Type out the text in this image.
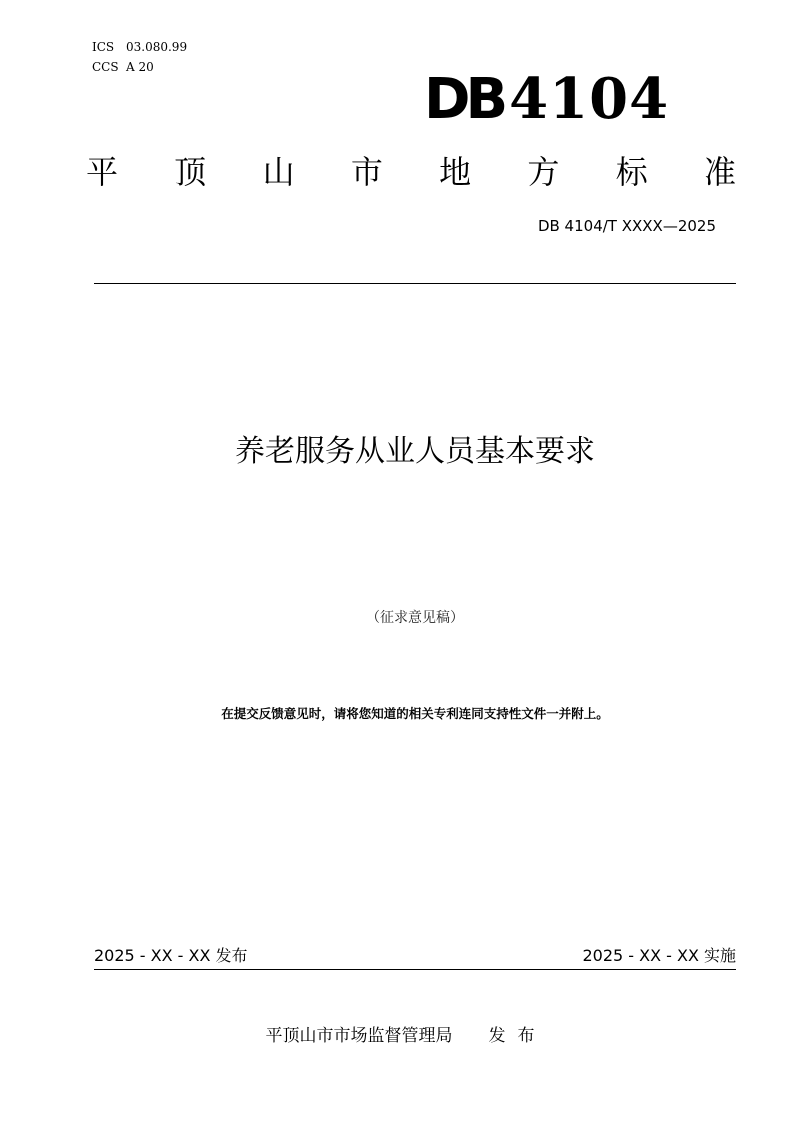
ICS 03.080.99
CCS A 20	DB 4104
平 顶 山 市 地 方 标 准
DB 4104/T XXXX—2025
养老服务从业人员基本要求
（征求意见稿）
在提交反馈意见时，请将您知道的相关专利连同支持性文件一并附上。
2025 - XX - XX 发布	2025 - XX - XX 实施
平顶山市市场监督管理局 发布
